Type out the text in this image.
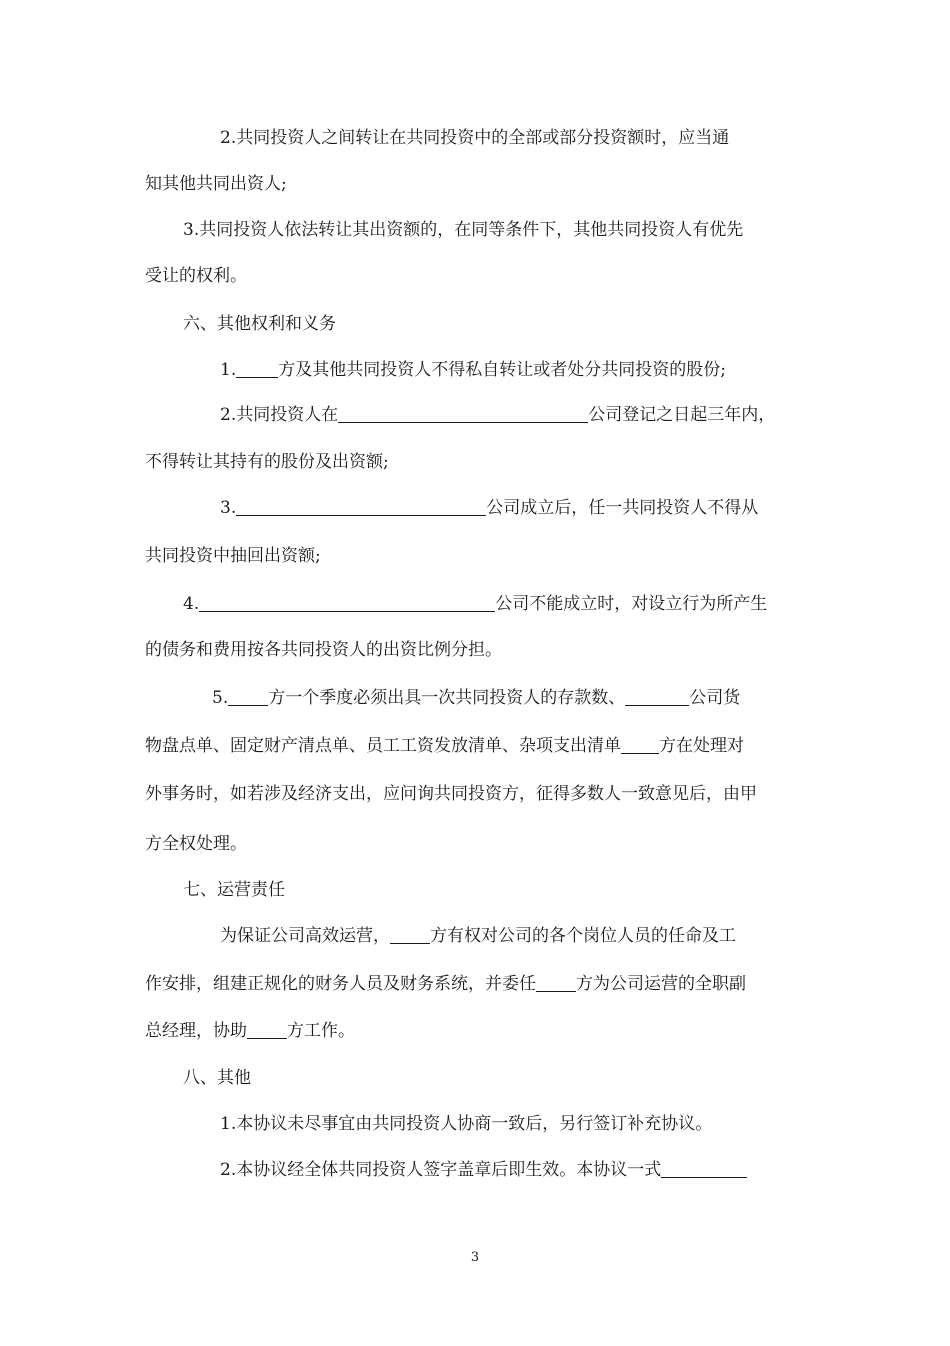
2.共同投资人之间转让在共同投资中的全部或部分投资额时，应当通
知其他共同出资人;
3.共同投资人依法转让其出资额的，在同等条件下，其他共同投资人有优先
受让的权利。
六、其他权利和义务
1. 方及其他共同投资人不得私自转让或者处分共同投资的股份;
2.共同投资人在	公司登记之日起三年内，
不得转让其持有的股份及出资额;
3.	公司成立后，任一共同投资人不得从
共同投资中抽回出资额;
4.	公司不能成立时，对设立行为所产生
的债务和费用按各共同投资人的出资比例分担。
5. 方一个季度必须出具一次共同投资人的存款数、	公司货
物盘点单、固定财产清点单、员工工资发放清单、杂项支出清单 方在处理对
外事务时，如若涉及经济支出，应问询共同投资方，征得多数人一致意见后，由甲
方全权处理。
七、运营责任
为保证公司高效运营， 方有权对公司的各个岗位人员的任命及工
作安排，组建正规化的财务人员及财务系统，并委任 方为公司运营的全职副
总经理，协助 方工作。
八、其他
1.本协议未尽事宜由共同投资人协商一致后，另行签订补充协议。
2.本协议经全体共同投资人签字盖章后即生效。本协议一式
3
